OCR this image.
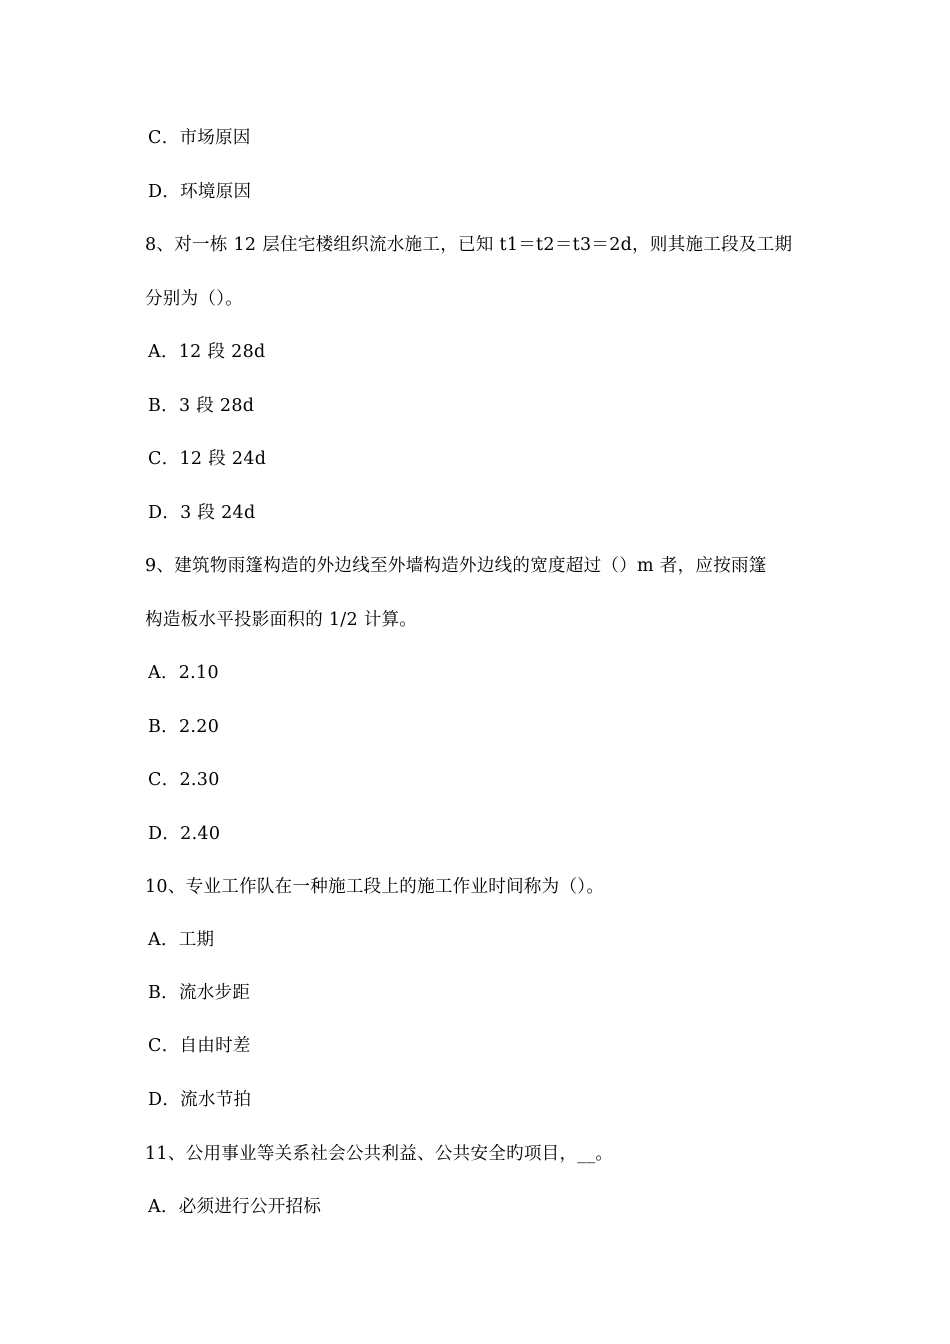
C．市场原因
D．环境原因
8、对一栋 12 层住宅楼组织流水施工，已知 t1＝t2＝t3＝2d，则其施工段及工期
分别为（）。
A．12 段 28d
B．3 段 28d
C．12 段 24d
D．3 段 24d
9、建筑物雨篷构造的外边线至外墙构造外边线的宽度超过（）m 者，应按雨篷
构造板水平投影面积的 1/2 计算。
A．2.10
B．2.20
C．2.30
D．2.40
10、专业工作队在一种施工段上的施工作业时间称为（）。
A．工期
B．流水步距
C．自由时差
D．流水节拍
11、公用事业等关系社会公共利益、公共安全旳项目，__。
A．必须进行公开招标
